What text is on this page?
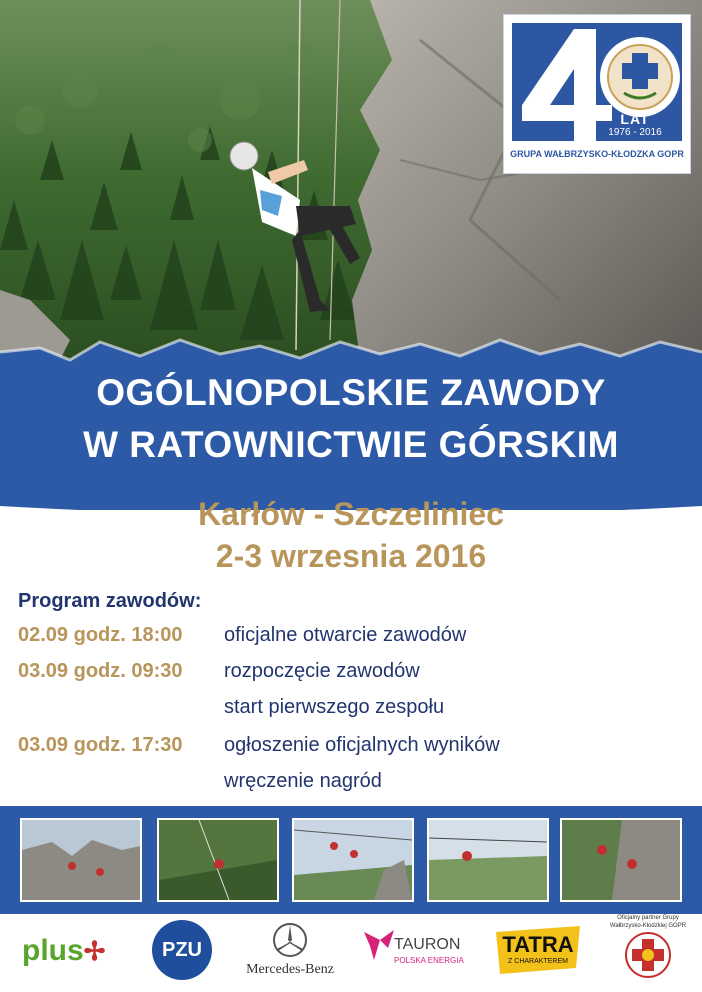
LAT
1976 - 2016
GRUPA WAŁBRZYSKO-KŁODZKA GOPR
OGÓLNOPOLSKIE ZAWODY
W RATOWNICTWIE GÓRSKIM
Karłów - Szczeliniec
2-3 wrzesnia 2016
Program zawodów:
02.09 godz. 18:00 oficjalne otwarcie zawodów
03.09 godz. 09:30 rozpoczęcie zawodów
start pierwszego zespołu
03.09 godz. 17:30 ogłoszenie oficjalnych wyników
wręczenie nagród
plus✢	PZU
Mercedes-Benz
TAURON
POLSKA ENERGIA
TATRA
Z CHARAKTEREM
Oficjalny partner Grupy Wałbrzysko-Kłodzkiej GOPR
